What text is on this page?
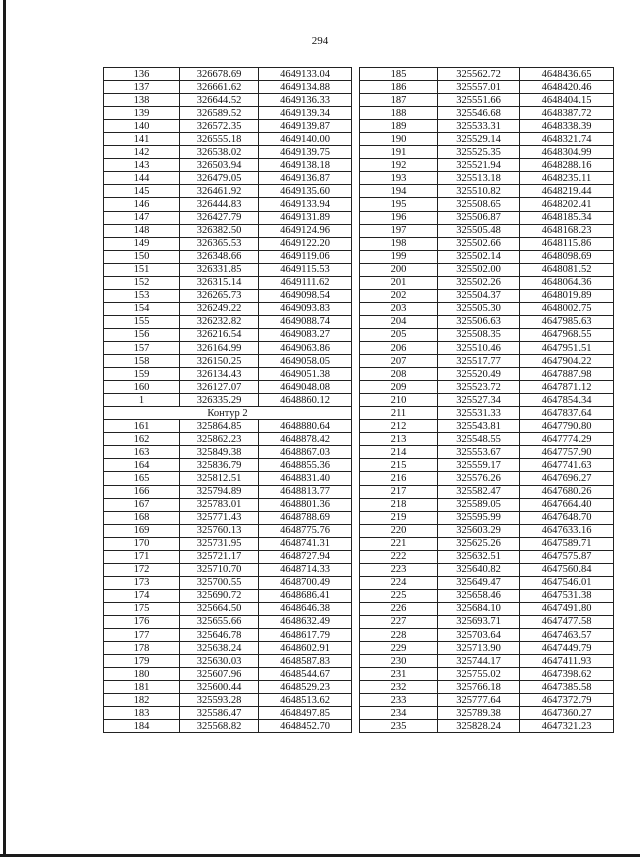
294
136	326678.69	4649133.04
137	326661.62	4649134.88
138	326644.52	4649136.33
139	326589.52	4649139.34
140	326572.35	4649139.87
141	326555.18	4649140.00
142	326538.02	4649139.75
143	326503.94	4649138.18
144	326479.05	4649136.87
145	326461.92	4649135.60
146	326444.83	4649133.94
147	326427.79	4649131.89
148	326382.50	4649124.96
149	326365.53	4649122.20
150	326348.66	4649119.06
151	326331.85	4649115.53
152	326315.14	4649111.62
153	326265.73	4649098.54
154	326249.22	4649093.83
155	326232.82	4649088.74
156	326216.54	4649083.27
157	326164.99	4649063.86
158	326150.25	4649058.05
159	326134.43	4649051.38
160	326127.07	4649048.08
1	326335.29	4648860.12
Контур 2		
161	325864.85	4648880.64
162	325862.23	4648878.42
163	325849.38	4648867.03
164	325836.79	4648855.36
165	325812.51	4648831.40
166	325794.89	4648813.77
167	325783.01	4648801.36
168	325771.43	4648788.69
169	325760.13	4648775.76
170	325731.95	4648741.31
171	325721.17	4648727.94
172	325710.70	4648714.33
173	325700.55	4648700.49
174	325690.72	4648686.41
175	325664.50	4648646.38
176	325655.66	4648632.49
177	325646.78	4648617.79
178	325638.24	4648602.91
179	325630.03	4648587.83
180	325607.96	4648544.67
181	325600.44	4648529.23
182	325593.28	4648513.62
183	325586.47	4648497.85
184	325568.82	4648452.70
185	325562.72	4648436.65
186	325557.01	4648420.46
187	325551.66	4648404.15
188	325546.68	4648387.72
189	325533.31	4648338.39
190	325529.14	4648321.74
191	325525.35	4648304.99
192	325521.94	4648288.16
193	325513.18	4648235.11
194	325510.82	4648219.44
195	325508.65	4648202.41
196	325506.87	4648185.34
197	325505.48	4648168.23
198	325502.66	4648115.86
199	325502.14	4648098.69
200	325502.00	4648081.52
201	325502.26	4648064.36
202	325504.37	4648019.89
203	325505.30	4648002.75
204	325506.63	4647985.63
205	325508.35	4647968.55
206	325510.46	4647951.51
207	325517.77	4647904.22
208	325520.49	4647887.98
209	325523.72	4647871.12
210	325527.34	4647854.34
211	325531.33	4647837.64
212	325543.81	4647790.80
213	325548.55	4647774.29
214	325553.67	4647757.90
215	325559.17	4647741.63
216	325576.26	4647696.27
217	325582.47	4647680.26
218	325589.05	4647664.40
219	325595.99	4647648.70
220	325603.29	4647633.16
221	325625.26	4647589.71
222	325632.51	4647575.87
223	325640.82	4647560.84
224	325649.47	4647546.01
225	325658.46	4647531.38
226	325684.10	4647491.80
227	325693.71	4647477.58
228	325703.64	4647463.57
229	325713.90	4647449.79
230	325744.17	4647411.93
231	325755.02	4647398.62
232	325766.18	4647385.58
233	325777.64	4647372.79
234	325789.38	4647360.27
235	325828.24	4647321.23
